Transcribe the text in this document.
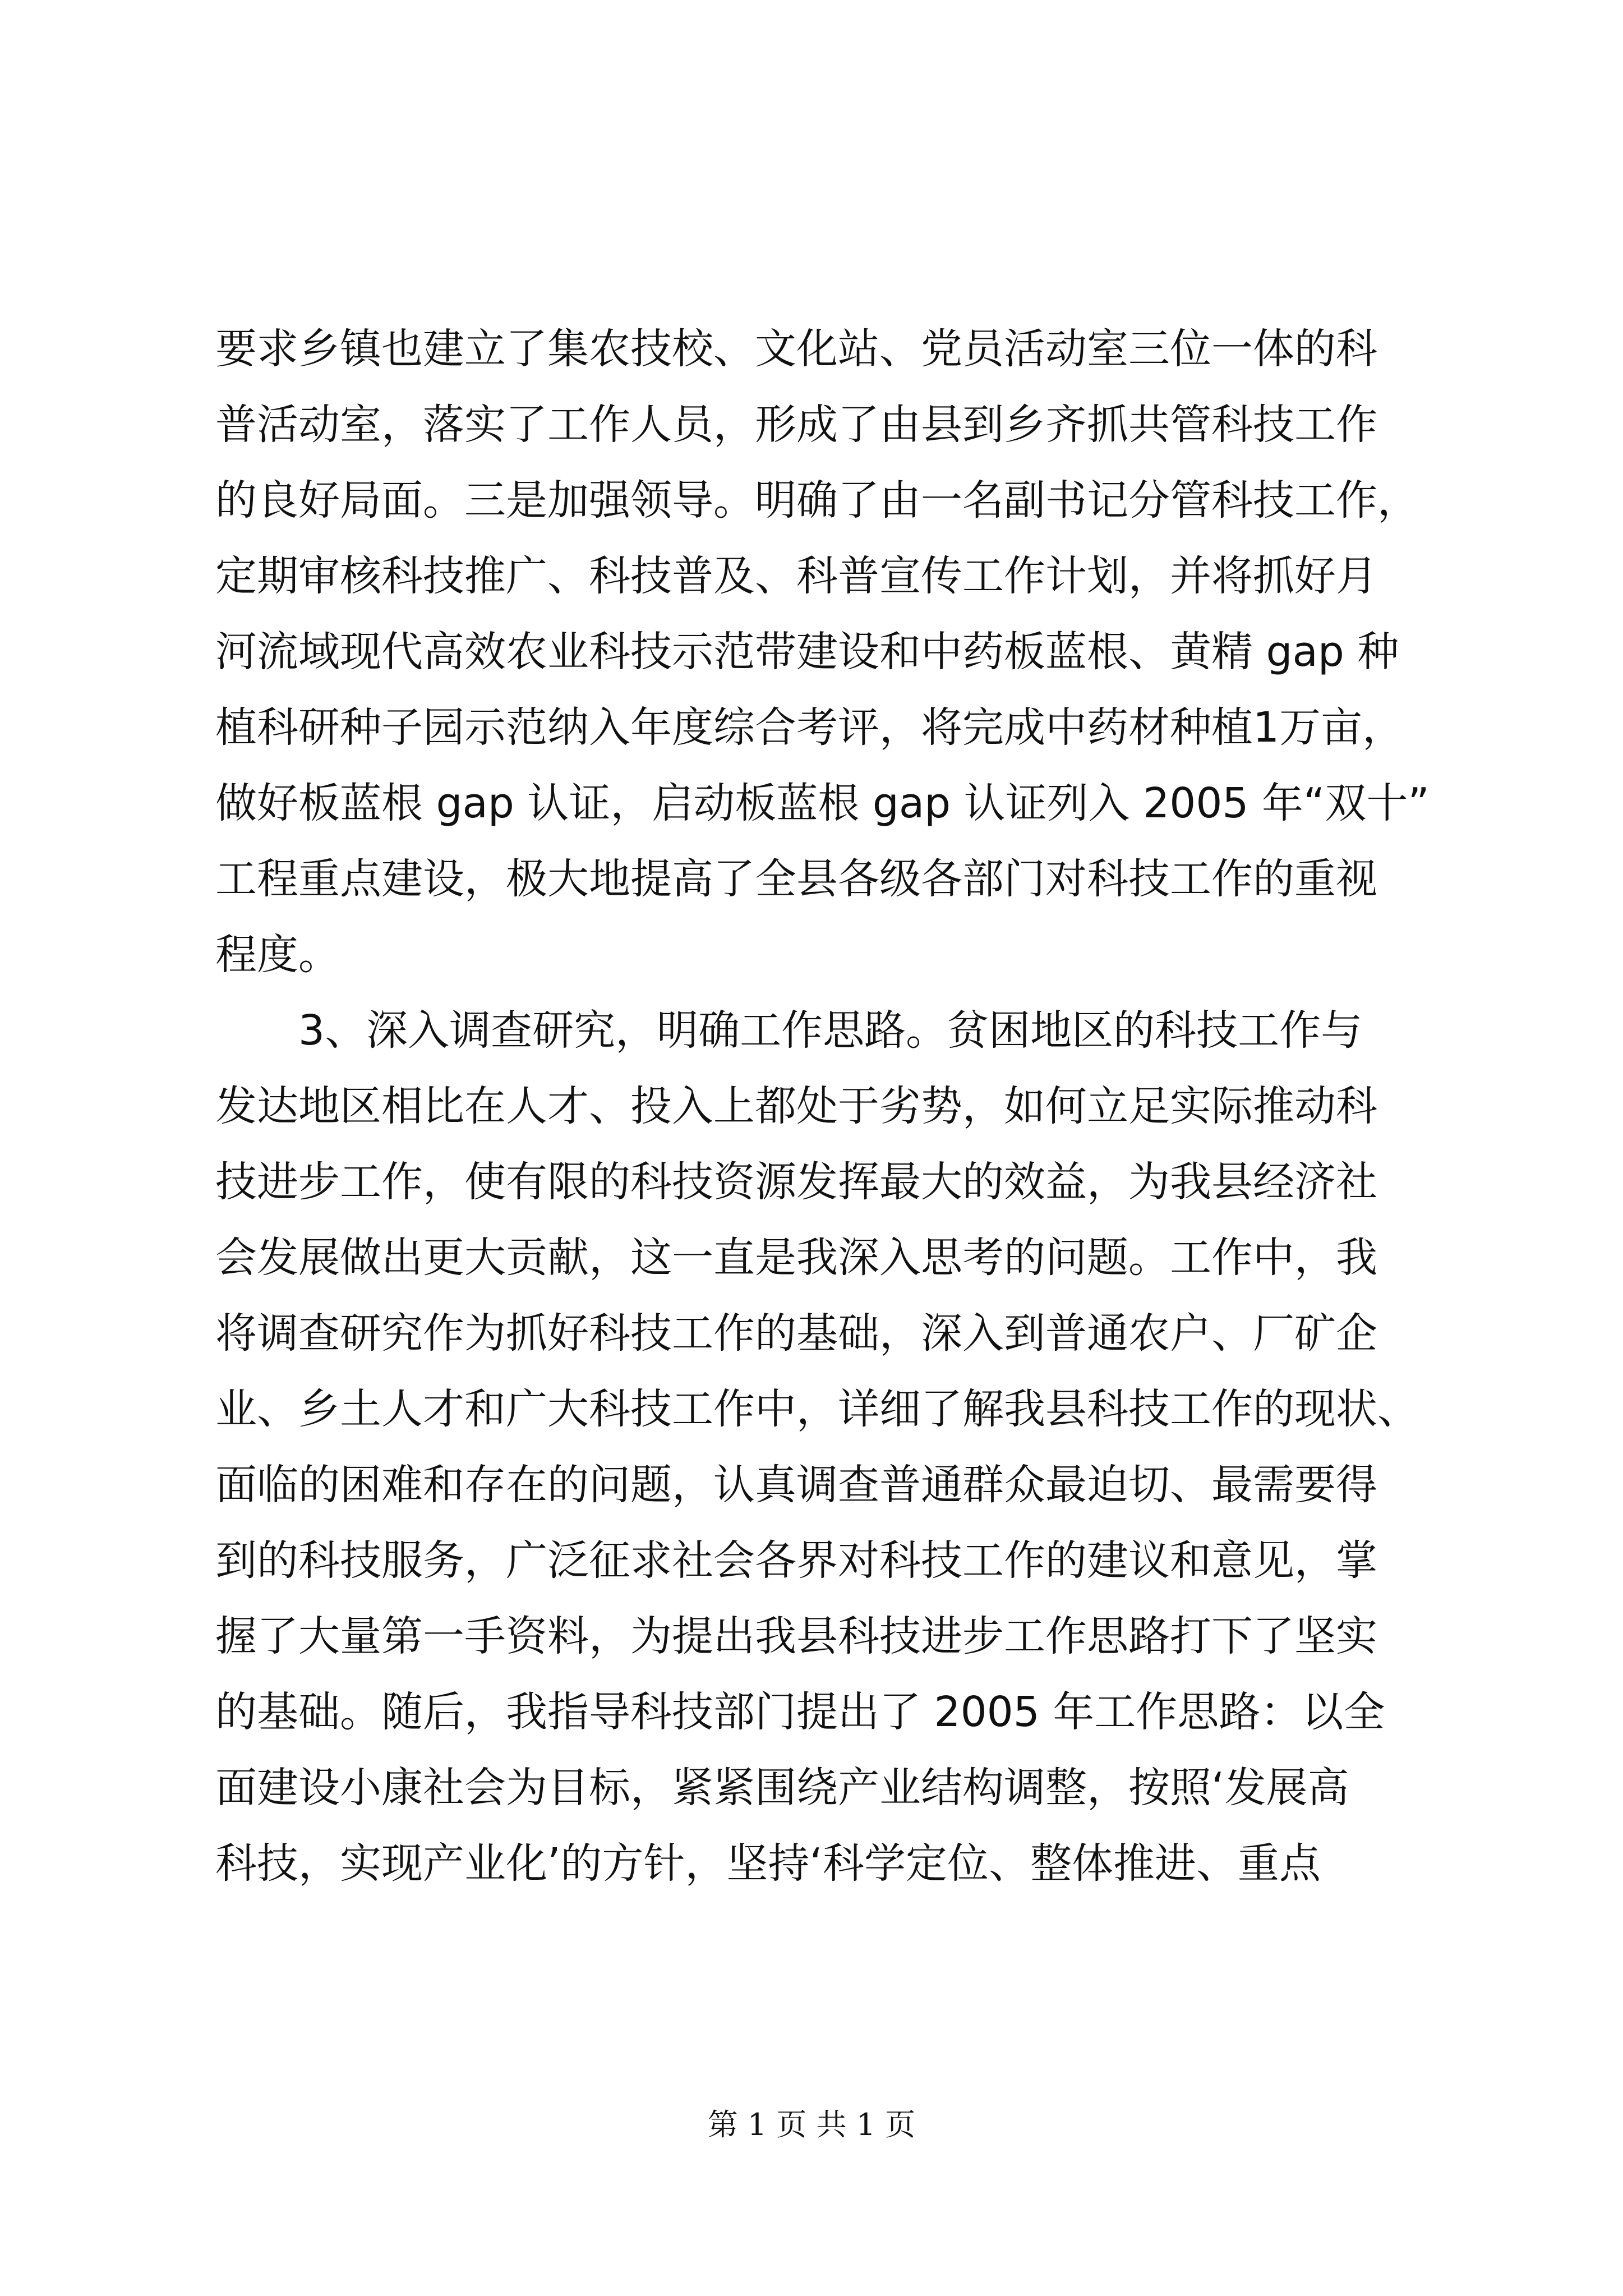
要求乡镇也建立了集农技校、文化站、党员活动室三位一体的科
普活动室，落实了工作人员，形成了由县到乡齐抓共管科技工作
的良好局面。三是加强领导。明确了由一名副书记分管科技工作，
定期审核科技推广、科技普及、科普宣传工作计划，并将抓好月
河流域现代高效农业科技示范带建设和中药板蓝根、黄精 gap 种
植科研种子园示范纳入年度综合考评，将完成中药材种植1万亩，
做好板蓝根 gap 认证，启动板蓝根 gap 认证列入 2005 年“双十”
工程重点建设，极大地提高了全县各级各部门对科技工作的重视
程度。
3、深入调查研究，明确工作思路。贫困地区的科技工作与
发达地区相比在人才、投入上都处于劣势，如何立足实际推动科
技进步工作，使有限的科技资源发挥最大的效益，为我县经济社
会发展做出更大贡献，这一直是我深入思考的问题。工作中，我
将调查研究作为抓好科技工作的基础，深入到普通农户、厂矿企
业、乡土人才和广大科技工作中，详细了解我县科技工作的现状、
面临的困难和存在的问题，认真调查普通群众最迫切、最需要得
到的科技服务，广泛征求社会各界对科技工作的建议和意见，掌
握了大量第一手资料，为提出我县科技进步工作思路打下了坚实
的基础。随后，我指导科技部门提出了 2005 年工作思路：以全
面建设小康社会为目标，紧紧围绕产业结构调整，按照‘发展高
科技，实现产业化’的方针，坚持‘科学定位、整体推进、重点
第 1 页 共 1 页
